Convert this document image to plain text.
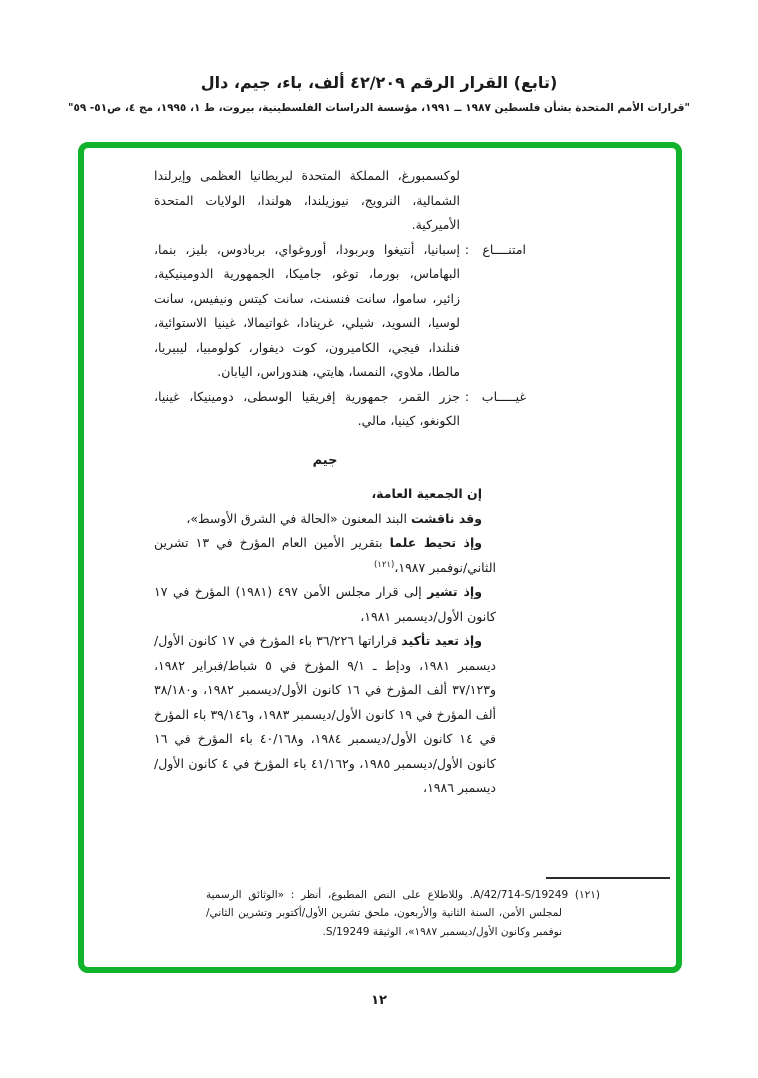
(تابع) القرار الرقم ٤٢/٢٠٩ ألف، باء، جيم، دال
"قرارات الأمم المتحدة بشأن فلسطين ١٩٨٧ ــ ١٩٩١، مؤسسة الدراسات الفلسطينية، بيروت، ط ١، ١٩٩٥، مج ٤، ص٥١- ٥٩"
لوكسمبورغ، المملكة المتحدة لبريطانيا العظمى وإيرلندا الشمالية، النرويج، نيوزيلندا، هولندا، الولايات المتحدة الأميركية.
امتنــــاع
:
إسبانيا، أنتيغوا وبربودا، أوروغواي، بربادوس، بليز، بنما، البهاماس، بورما، توغو، جاميكا، الجمهورية الدومينيكية، زائير، ساموا، سانت فنسنت، سانت كيتس ونيفيس، سانت لوسيا، السويد، شيلي، غرينادا، غواتيمالا، غينيا الاستوائية، فنلندا، فيجي، الكاميرون، كوت ديفوار، كولومبيا، ليبيريا، مالطا، ملاوي، النمسا، هايتي، هندوراس، اليابان.
غيـــــاب
:
جزر القمر، جمهورية إفريقيا الوسطى، دومينيكا، غينيا، الكونغو، كينيا، مالي.
جيم

إن الجمعية العامة،

وقد ناقشت البند المعنون «الحالة في الشرق الأوسط»،

وإذ تحيط علما بتقرير الأمين العام المؤرخ في ١٣ تشرين الثاني/نوفمبر ١٩٨٧،$^{(١٢١)}$

وإذ تشير إلى قرار مجلس الأمن ٤٩٧ (١٩٨١) المؤرخ في ١٧ كانون الأول/ديسمبر ١٩٨١،

وإذ تعيد تأكيد قراراتها ٣٦/٢٢٦ باء المؤرخ في ١٧ كانون الأول/ديسمبر ١٩٨١، ودإط ـ ٩/١ المؤرخ في ٥ شباط/فبراير ١٩٨٢، و٣٧/١٢٣ ألف المؤرخ في ١٦ كانون الأول/ديسمبر ١٩٨٢، و٣٨/١٨٠ ألف المؤرخ في ١٩ كانون الأول/ديسمبر ١٩٨٣، و٣٩/١٤٦ باء المؤرخ في ١٤ كانون الأول/ديسمبر ١٩٨٤، و٤٠/١٦٨ باء المؤرخ في ١٦ كانون الأول/ديسمبر ١٩٨٥، و٤١/١٦٢ باء المؤرخ في ٤ كانون الأول/ديسمبر ١٩٨٦،

(١٢١) A/42/714-S/19249. وللاطلاع على النص المطبوع، أنظر : «الوثائق الرسمية لمجلس الأمن، السنة الثانية والأربعون، ملحق تشرين الأول/أكتوبر وتشرين الثاني/نوفمبر وكانون الأول/ديسمبر ١٩٨٧»، الوثيقة S/19249.

١٢
